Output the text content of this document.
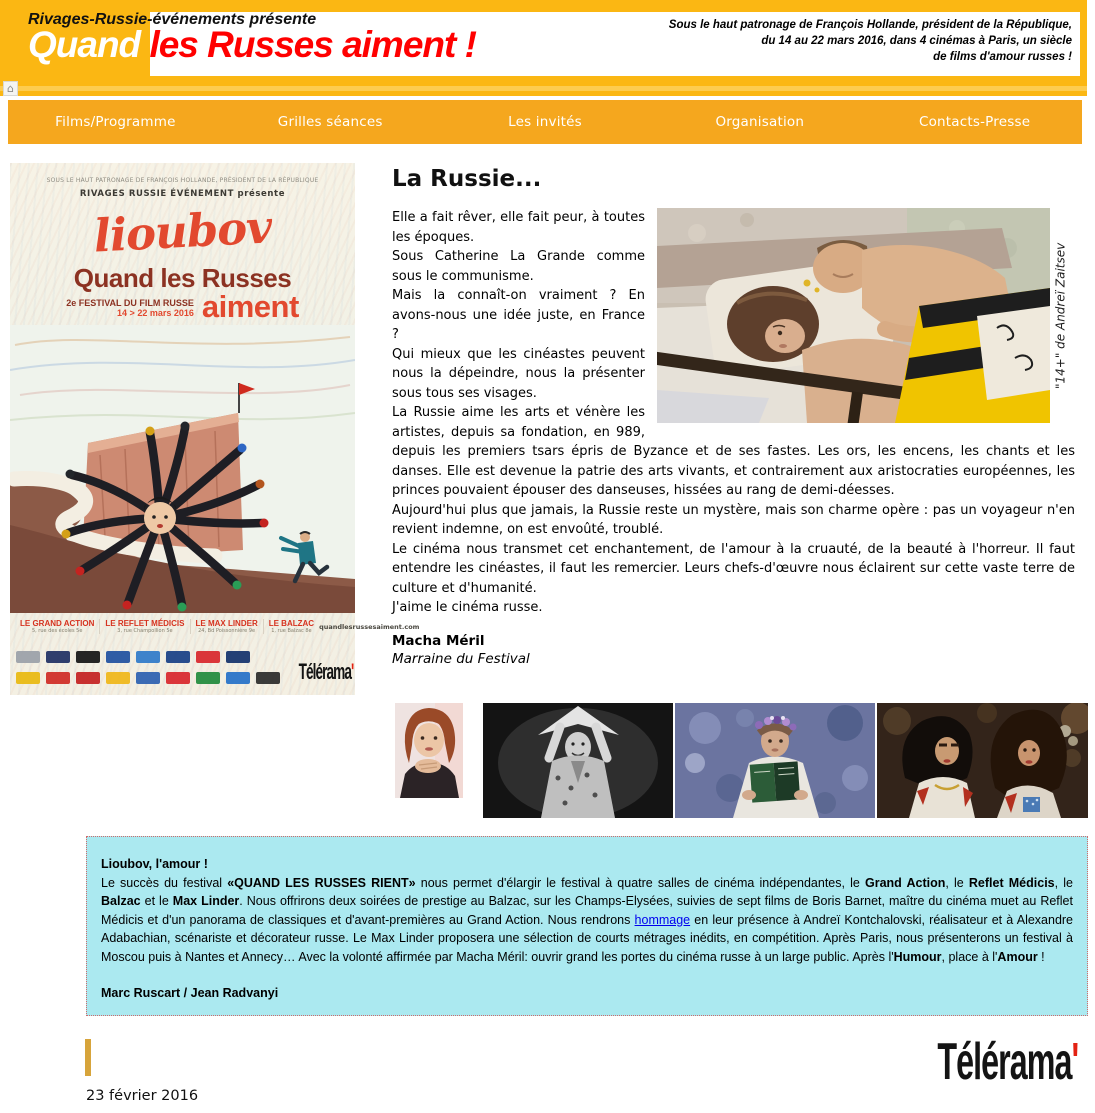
Rivages-Russie-événements présente
Quand les Russes aiment !	Sous le haut patronage de François Hollande, président de la République,
du 14 au 22 mars 2016, dans 4 cinémas à Paris, un siècle
de films d'amour russes !
⌂
Films/Programme	Grilles séances	Les invités	Organisation	Contacts-Presse
SOUS LE HAUT PATRONAGE DE FRANÇOIS HOLLANDE, PRÉSIDENT DE LA RÉPUBLIQUE
RIVAGES RUSSIE ÉVÉNEMENT présente
lioubov
Quand les Russes
2e FESTIVAL DU FILM RUSSE
14 > 22 mars 2016 aiment
LE GRAND ACTION
5, rue des écoles 5e
LE REFLET MÉDICIS
3, rue Champollion 5e
LE MAX LINDER
24, Bd Poissonnière 9e
LE BALZAC
1, rue Balzac 8e
quandlesrussesaiment.com
Télérama'
La Russie...
"14+" de Andreï Zaitsev
Elle a fait rêver, elle fait peur, à toutes les époques.
Sous Catherine La Grande comme sous le communisme.
Mais la connaît-on vraiment ? En avons-nous une idée juste, en France ?
Qui mieux que les cinéastes peuvent nous la dépeindre, nous la présenter sous tous ses visages.
La Russie aime les arts et vénère les artistes, depuis sa fondation, en 989, depuis les premiers tsars épris de Byzance et de ses fastes. Les ors, les encens, les chants et les danses. Elle est devenue la patrie des arts vivants, et contrairement aux aristocraties européennes, les princes pouvaient épouser des danseuses, hissées au rang de demi-déesses.
Aujourd'hui plus que jamais, la Russie reste un mystère, mais son charme opère : pas un voyageur n'en revient indemne, on est envoûté, troublé.
Le cinéma nous transmet cet enchantement, de l'amour à la cruauté, de la beauté à l'horreur. Il faut entendre les cinéastes, il faut les remercier. Leurs chefs-d'œuvre nous éclairent sur cette vaste terre de culture et d'humanité.
J'aime le cinéma russe.
Macha Méril
Marraine du Festival
Lioubov, l'amour !
Le succès du festival «QUAND LES RUSSES RIENT» nous permet d'élargir le festival à quatre salles de cinéma indépendantes, le Grand Action, le Reflet Médicis, le Balzac et le Max Linder. Nous offrirons deux soirées de prestige au Balzac, sur les Champs-Elysées, suivies de sept films de Boris Barnet, maître du cinéma muet au Reflet Médicis et d'un panorama de classiques et d'avant-premières au Grand Action. Nous rendrons hommage en leur présence à Andreï Kontchalovski, réalisateur et à Alexandre Adabachian, scénariste et décorateur russe. Le Max Linder proposera une sélection de courts métrages inédits, en compétition. Après Paris, nous présenterons un festival à Moscou puis à Nantes et Annecy… Avec la volonté affirmée par Macha Méril: ouvrir grand les portes du cinéma russe à un large public. Après l'Humour, place à l'Amour !
Marc Ruscart / Jean Radvanyi
Télérama'
23 février 2016
